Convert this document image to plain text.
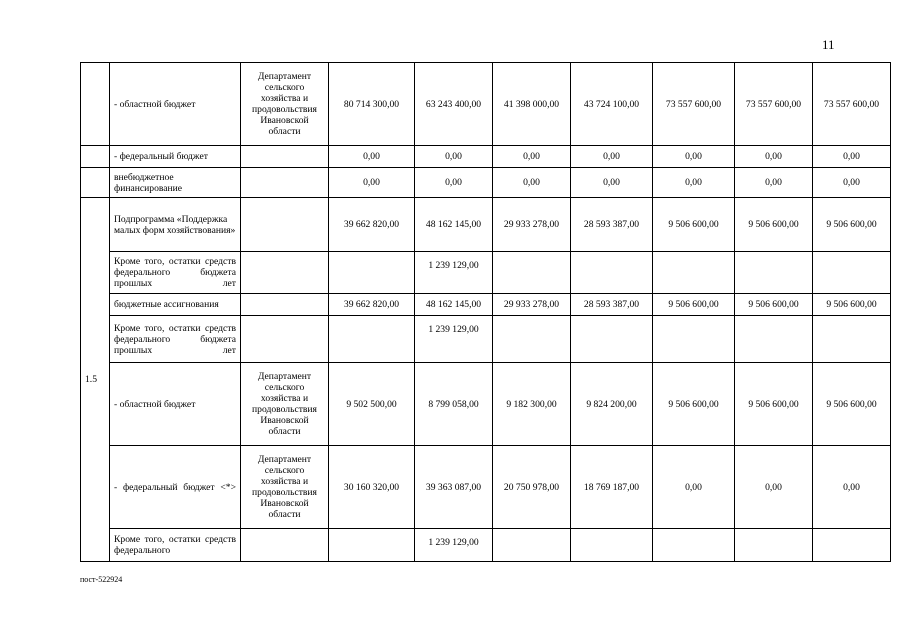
11
	- областной бюджет	Департамент сельского хозяйства и продовольствия Ивановской области	80 714 300,00	63 243 400,00	41 398 000,00	43 724 100,00	73 557 600,00	73 557 600,00	73 557 600,00
	- федеральный бюджет		0,00	0,00	0,00	0,00	0,00	0,00	0,00
	внебюджетное финансирование		0,00	0,00	0,00	0,00	0,00	0,00	0,00
1.5	Подпрограмма «Поддержка малых форм хозяйствования»		39 662 820,00	48 162 145,00	29 933 278,00	28 593 387,00	9 506 600,00	9 506 600,00	9 506 600,00
	Кроме того, остатки средств федерального бюджета прошлых лет			1 239 129,00					
	бюджетные ассигнования		39 662 820,00	48 162 145,00	29 933 278,00	28 593 387,00	9 506 600,00	9 506 600,00	9 506 600,00
	Кроме того, остатки средств федерального бюджета прошлых лет			1 239 129,00					
	- областной бюджет	Департамент сельского хозяйства и продовольствия Ивановской области	9 502 500,00	8 799 058,00	9 182 300,00	9 824 200,00	9 506 600,00	9 506 600,00	9 506 600,00
	- федеральный бюджет <*>	Департамент сельского хозяйства и продовольствия Ивановской области	30 160 320,00	39 363 087,00	20 750 978,00	18 769 187,00	0,00	0,00	0,00
	Кроме того, остатки средств федерального			1 239 129,00					
пост-522924
